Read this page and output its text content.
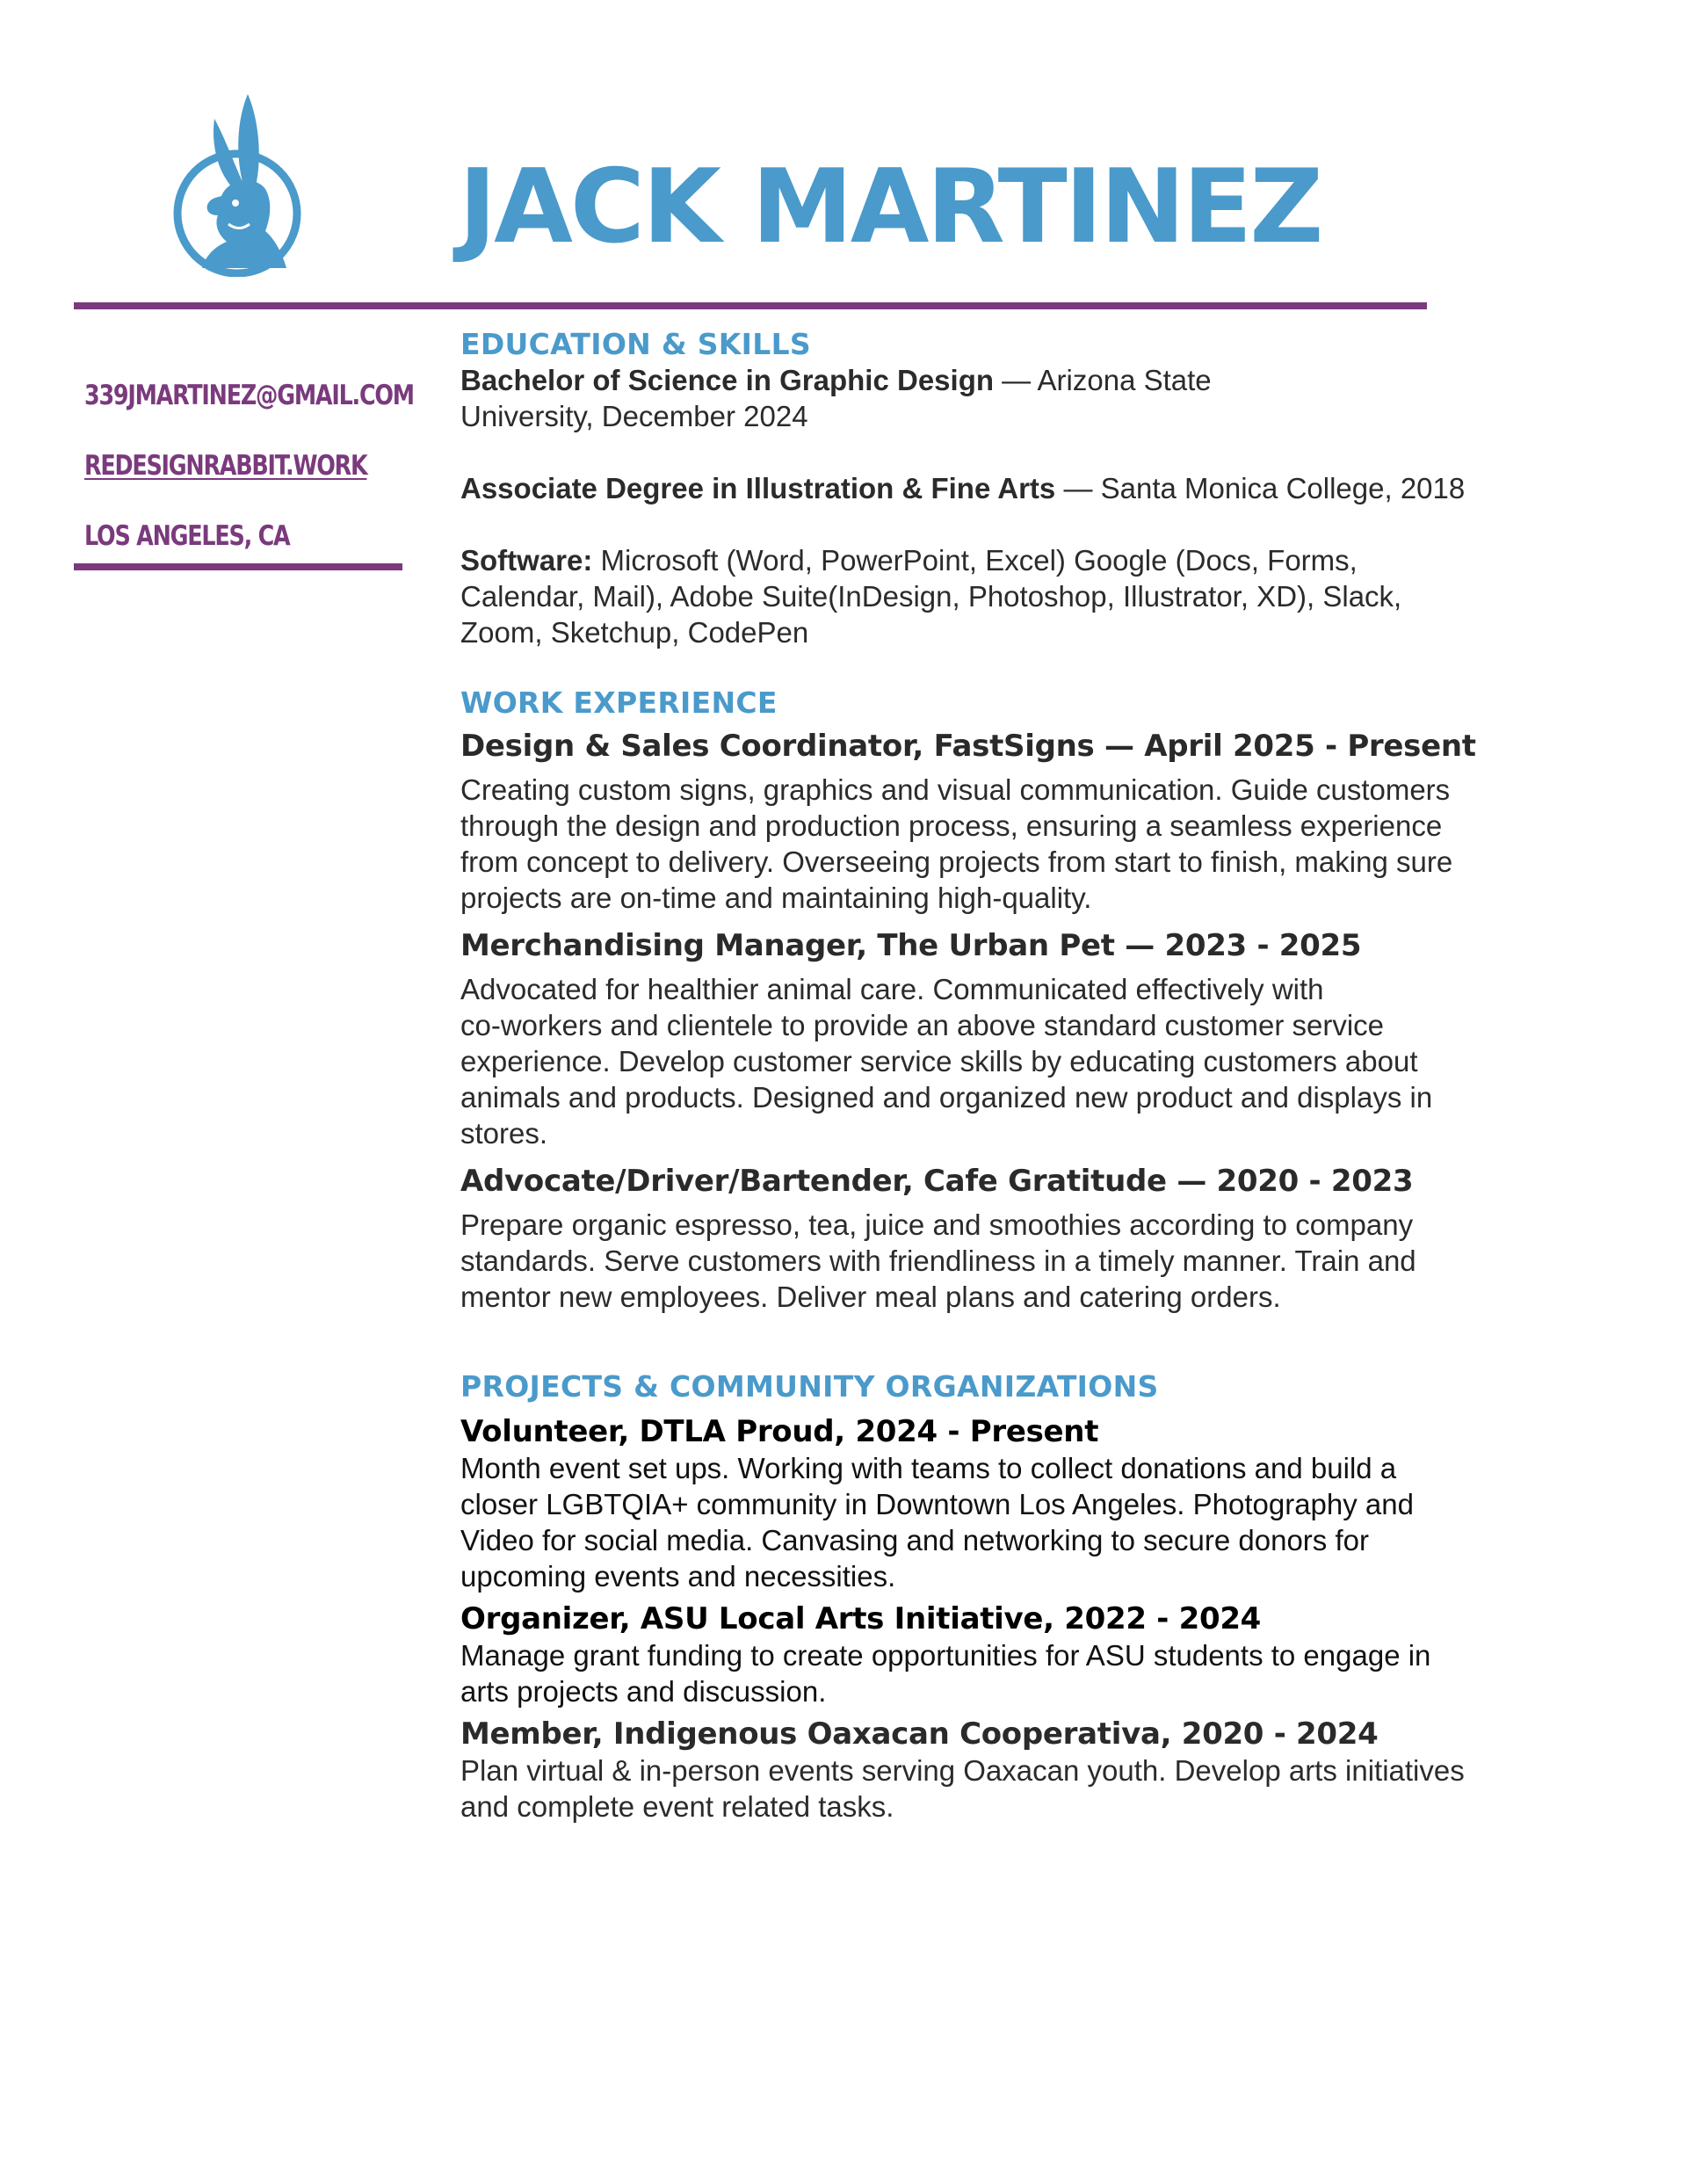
JACK MARTINEZ
339JMARTINEZ@GMAIL.COM
REDESIGNRABBIT.WORK
LOS ANGELES, CA
EDUCATION & SKILLS

Bachelor of Science in Graphic Design — Arizona State
University, December 2024

Associate Degree in Illustration & Fine Arts — Santa Monica College, 2018

Software: Microsoft (Word, PowerPoint, Excel) Google (Docs, Forms,
Calendar, Mail), Adobe Suite(InDesign, Photoshop, Illustrator, XD), Slack,
Zoom, Sketchup, CodePen

WORK EXPERIENCE
Design & Sales Coordinator, FastSigns — April 2025 - Present

Creating custom signs, graphics and visual communication. Guide customers
through the design and production process, ensuring a seamless experience
from concept to delivery. Overseeing projects from start to finish, making sure
projects are on-time and maintaining high-quality.

Merchandising Manager, The Urban Pet — 2023 - 2025

Advocated for healthier animal care. Communicated effectively with
co-workers and clientele to provide an above standard customer service
experience. Develop customer service skills by educating customers about
animals and products. Designed and organized new product and displays in
stores.

Advocate/Driver/Bartender, Cafe Gratitude — 2020 - 2023

Prepare organic espresso, tea, juice and smoothies according to company
standards. Serve customers with friendliness in a timely manner. Train and
mentor new employees. Deliver meal plans and catering orders.

PROJECTS & COMMUNITY ORGANIZATIONS
Volunteer, DTLA Proud, 2024 - Present

Month event set ups. Working with teams to collect donations and build a
closer LGBTQIA+ community in Downtown Los Angeles. Photography and
Video for social media. Canvasing and networking to secure donors for
upcoming events and necessities.

Organizer, ASU Local Arts Initiative, 2022 - 2024

Manage grant funding to create opportunities for ASU students to engage in
arts projects and discussion.

Member, Indigenous Oaxacan Cooperativa, 2020 - 2024

Plan virtual & in-person events serving Oaxacan youth. Develop arts initiatives
and complete event related tasks.
